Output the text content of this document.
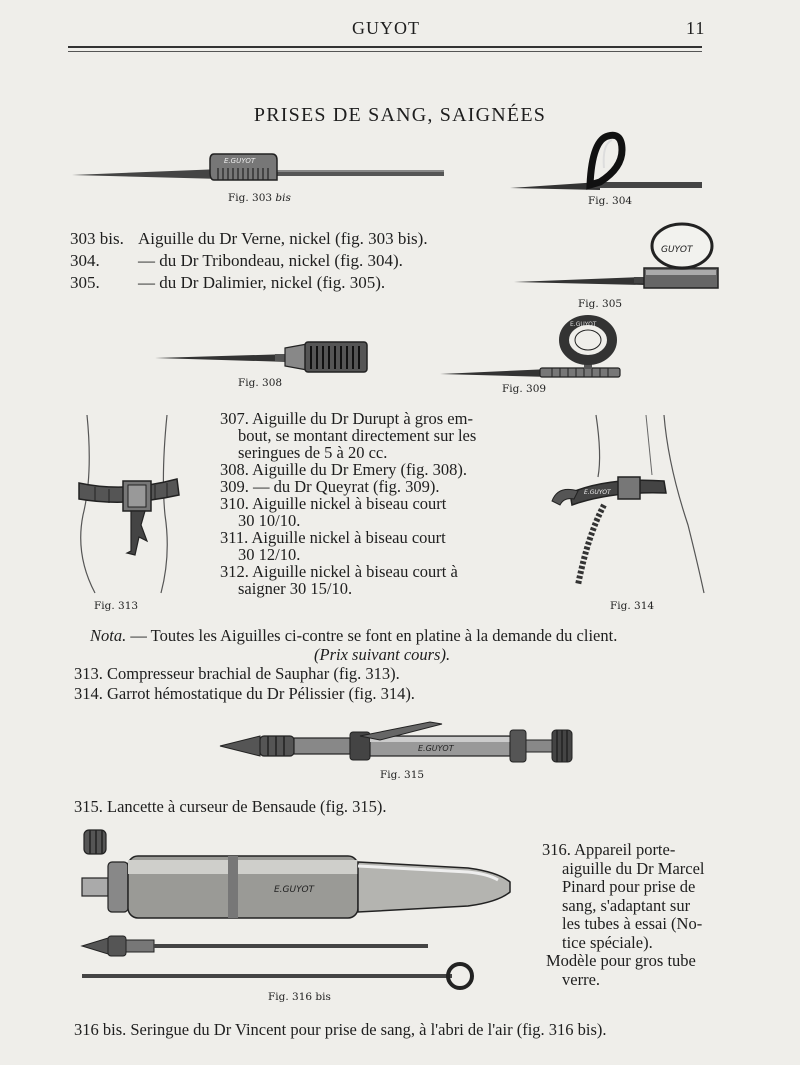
GUYOT	11
PRISES DE SANG, SAIGNÉES
E.GUYOT
Fig. 303 bis	Fig. 304
303 bis. Aiguille du Dr Verne, nickel (fig. 303 bis).
304. — du Dr Tribondeau, nickel (fig. 304).
305. — du Dr Dalimier, nickel (fig. 305).
GUYOT
Fig. 305
Fig. 308
E.GUYOT
Fig. 309
Fig. 313
307. Aiguille du Dr Durupt à gros em-
bout, se montant directement sur les
seringues de 5 à 20 cc.
308. Aiguille du Dr Emery (fig. 308).
309. — du Dr Queyrat (fig. 309).
310. Aiguille nickel à biseau court
30 10/10.
311. Aiguille nickel à biseau court
30 12/10.
312. Aiguille nickel à biseau court à
saigner 30 15/10.
E.GUYOT
Fig. 314
Nota. — Toutes les Aiguilles ci-contre se font en platine à la demande du client.
(Prix suivant cours).
313. Compresseur brachial de Sauphar (fig. 313).
314. Garrot hémostatique du Dr Pélissier (fig. 314).
E.GUYOT
Fig. 315
315. Lancette à curseur de Bensaude (fig. 315).
E.GUYOT
Fig. 316 bis
316. Appareil porte-
aiguille du Dr Marcel
Pinard pour prise de
sang, s'adaptant sur
les tubes à essai (No-
tice spéciale).
Modèle pour gros tube
verre.
316 bis. Seringue du Dr Vincent pour prise de sang, à l'abri de l'air (fig. 316 bis).
